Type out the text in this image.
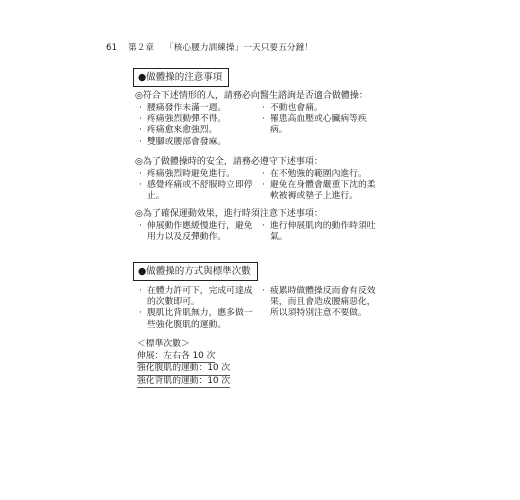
61 第２章 「核心腰力訓練操」一天只要五分鐘！
●做體操的注意事項
◎符合下述情形的人，請務必向醫生諮詢是否適合做體操：
· 腰痛發作未滿一週。
· 疼痛強烈動彈不得。
· 疼痛愈來愈強烈。
· 雙腳或腰部會發麻。
· 不動也會痛。
· 罹患高血壓或心臟病等疾
病。
◎為了做體操時的安全，請務必遵守下述事項：
· 疼痛強烈時避免進行。
· 感覺疼痛或不舒服時立即停
止。
· 在不勉強的範圍內進行。
· 避免在身體會嚴重下沈的柔
軟被褥或墊子上進行。
◎為了確保運動效果，進行時須注意下述事項：
· 伸展動作應緩慢進行，避免
用力以及反彈動作。
· 進行伸展肌肉的動作時須吐
氣。
●做體操的方式與標準次數
· 在體力許可下，完成可達成
的次數即可。
· 腹肌比背肌無力，應多做一
些強化腹肌的運動。
· 疲累時做體操反而會有反效
果，而且會造成腰痛惡化，
所以須特別注意不要做。
＜標準次數＞
伸展：左右各 10 次
強化腹肌的運動：10 次
強化背肌的運動：10 次
